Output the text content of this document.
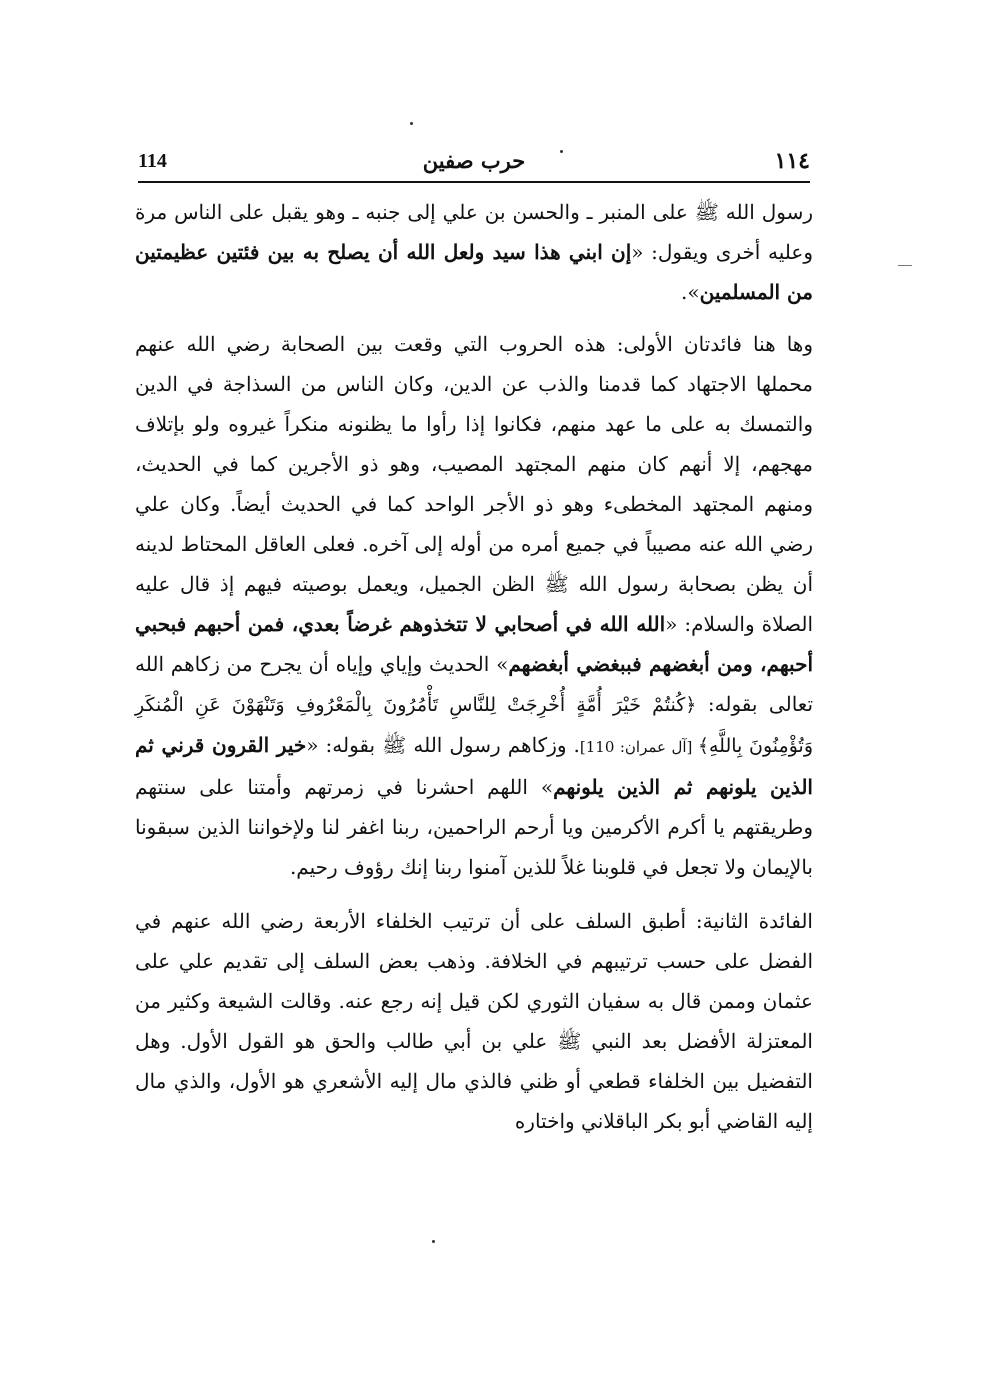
114	حرب صفين	١١٤

رسول الله ﷺ على المنبر ـ والحسن بن علي إلى جنبه ـ وهو يقبل على الناس مرة وعليه أخرى ويقول: «إن ابني هذا سيد ولعل الله أن يصلح به بين فئتين عظيمتين من المسلمين».

وها هنا فائدتان الأولى: هذه الحروب التي وقعت بين الصحابة رضي الله عنهم محملها الاجتهاد كما قدمنا والذب عن الدين، وكان الناس من السذاجة في الدين والتمسك به على ما عهد منهم، فكانوا إذا رأوا ما يظنونه منكراً غيروه ولو بإتلاف مهجهم، إلا أنهم كان منهم المجتهد المصيب، وهو ذو الأجرين كما في الحديث، ومنهم المجتهد المخطىء وهو ذو الأجر الواحد كما في الحديث أيضاً. وكان علي رضي الله عنه مصيباً في جميع أمره من أوله إلى آخره. فعلى العاقل المحتاط لدينه أن يظن بصحابة رسول الله ﷺ الظن الجميل، ويعمل بوصيته فيهم إذ قال عليه الصلاة والسلام: «الله الله في أصحابي لا تتخذوهم غرضاً بعدي، فمن أحبهم فبحبي أحبهم، ومن أبغضهم فببغضي أبغضهم» الحديث وإياي وإياه أن يجرح من زكاهم الله تعالى بقوله: ﴿كُنتُمْ خَيْرَ أُمَّةٍ أُخْرِجَتْ لِلنَّاسِ تَأْمُرُونَ بِالْمَعْرُوفِ وَتَنْهَوْنَ عَنِ الْمُنكَرِ وَتُؤْمِنُونَ بِاللَّهِ﴾ [آل عمران: 110]. وزكاهم رسول الله ﷺ بقوله: «خير القرون قرني ثم الذين يلونهم ثم الذين يلونهم» اللهم احشرنا في زمرتهم وأمتنا على سنتهم وطريقتهم يا أكرم الأكرمين ويا أرحم الراحمين، ربنا اغفر لنا ولإخواننا الذين سبقونا بالإيمان ولا تجعل في قلوبنا غلاً للذين آمنوا ربنا إنك رؤوف رحيم.

الفائدة الثانية: أطبق السلف على أن ترتيب الخلفاء الأربعة رضي الله عنهم في الفضل على حسب ترتيبهم في الخلافة. وذهب بعض السلف إلى تقديم علي على عثمان وممن قال به سفيان الثوري لكن قيل إنه رجع عنه. وقالت الشيعة وكثير من المعتزلة الأفضل بعد النبي ﷺ علي بن أبي طالب والحق هو القول الأول. وهل التفضيل بين الخلفاء قطعي أو ظني فالذي مال إليه الأشعري هو الأول، والذي مال إليه القاضي أبو بكر الباقلاني واختاره
